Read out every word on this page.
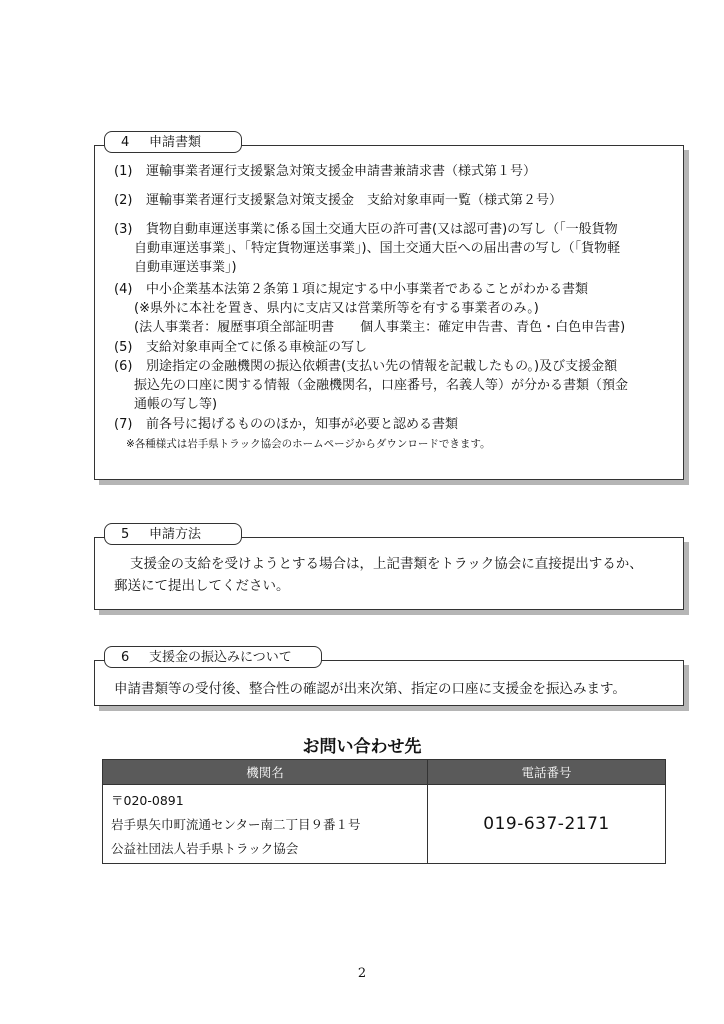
4 申請書類
(1) 運輸事業者運行支援緊急対策支援金申請書兼請求書（様式第１号）
(2) 運輸事業者運行支援緊急対策支援金　支給対象車両一覧（様式第２号）
(3) 貨物自動車運送事業に係る国土交通大臣の許可書(又は認可書)の写し（「一般貨物
自動車運送事業」、「特定貨物運送事業」)、国土交通大臣への届出書の写し（「貨物軽
自動車運送事業」)
(4) 中小企業基本法第２条第１項に規定する中小事業者であることがわかる書類
(※県外に本社を置き、県内に支店又は営業所等を有する事業者のみ。)
(法人事業者：履歴事項全部証明書　　個人事業主：確定申告書、青色・白色申告書)
(5) 支給対象車両全てに係る車検証の写し
(6) 別途指定の金融機関の振込依頼書(支払い先の情報を記載したもの。)及び支援金額
振込先の口座に関する情報（金融機関名，口座番号，名義人等）が分かる書類（預金
通帳の写し等)
(7) 前各号に掲げるもののほか，知事が必要と認める書類
※各種様式は岩手県トラック協会のホームページからダウンロードできます。
5 申請方法
支援金の支給を受けようとする場合は，上記書類をトラック協会に直接提出するか、
郵送にて提出してください。
6 支援金の振込みについて
申請書類等の受付後、整合性の確認が出来次第、指定の口座に支援金を振込みます。
お問い合わせ先
機関名	電話番号

〒020-0891
岩手県矢巾町流通センター南二丁目９番１号
公益社団法人岩手県トラック協会	019-637-2171
2
